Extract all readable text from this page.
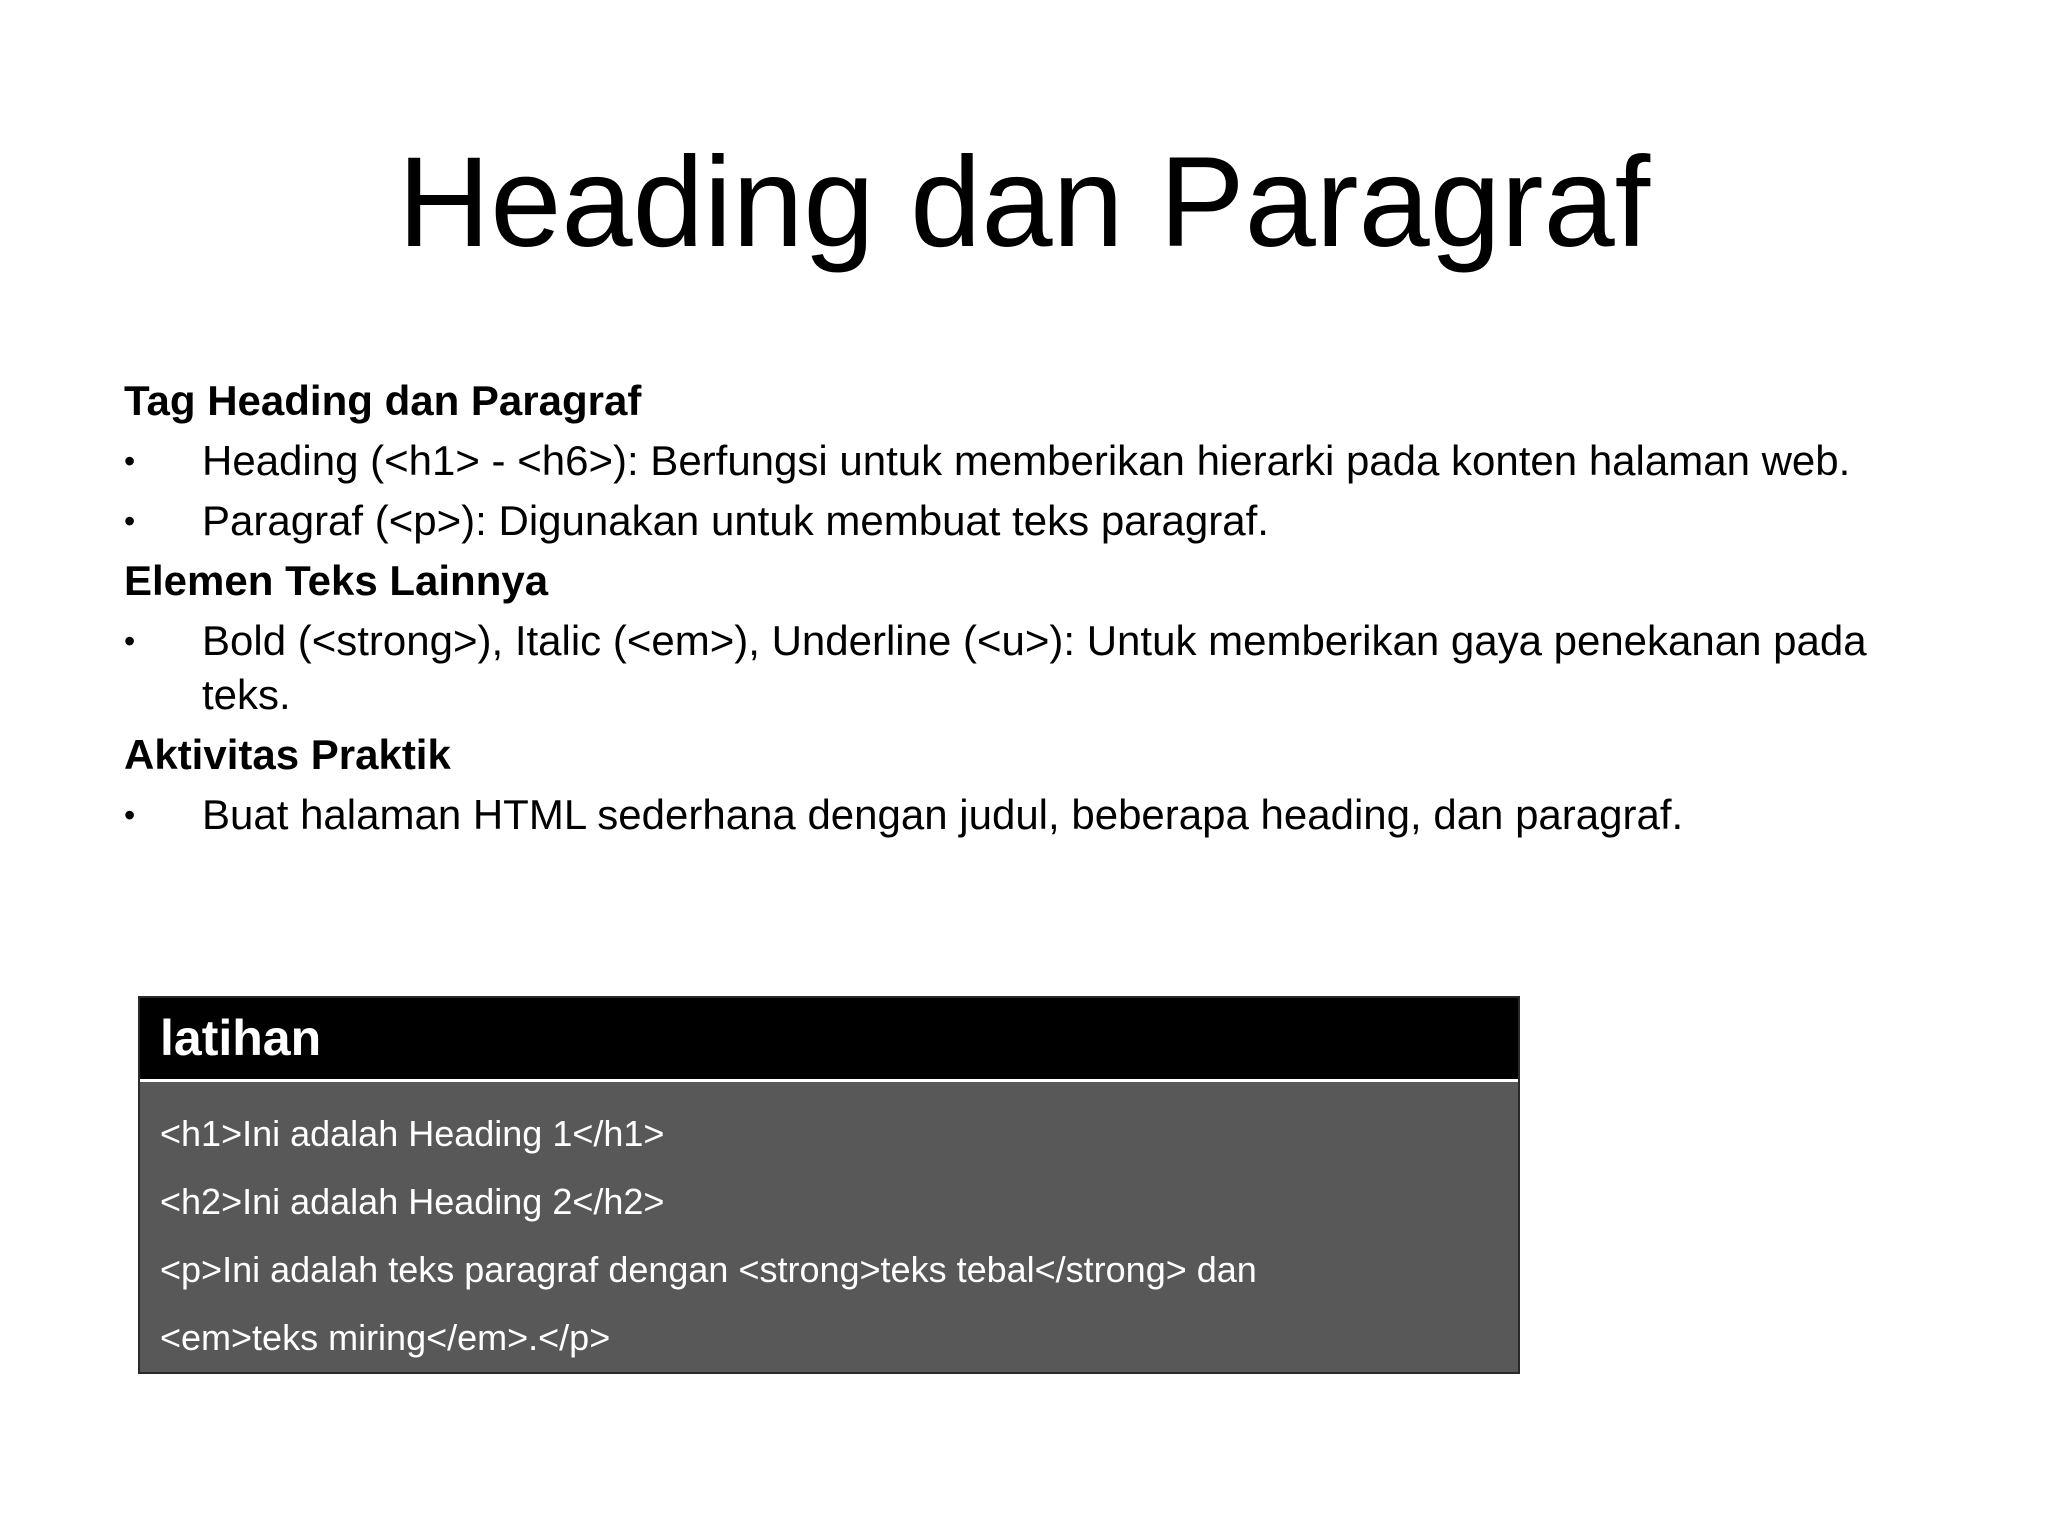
Heading dan Paragraf
Tag Heading dan Paragraf
• Heading (<h1> - <h6>): Berfungsi untuk memberikan hierarki pada konten halaman web.
• Paragraf (<p>): Digunakan untuk membuat teks paragraf.
Elemen Teks Lainnya
• Bold (<strong>), Italic (<em>), Underline (<u>): Untuk memberikan gaya penekanan pada teks.
Aktivitas Praktik
• Buat halaman HTML sederhana dengan judul, beberapa heading, dan paragraf.
latihan
<h1>Ini adalah Heading 1</h1>
<h2>Ini adalah Heading 2</h2>
<p>Ini adalah teks paragraf dengan <strong>teks tebal</strong> dan
<em>teks miring</em>.</p>
